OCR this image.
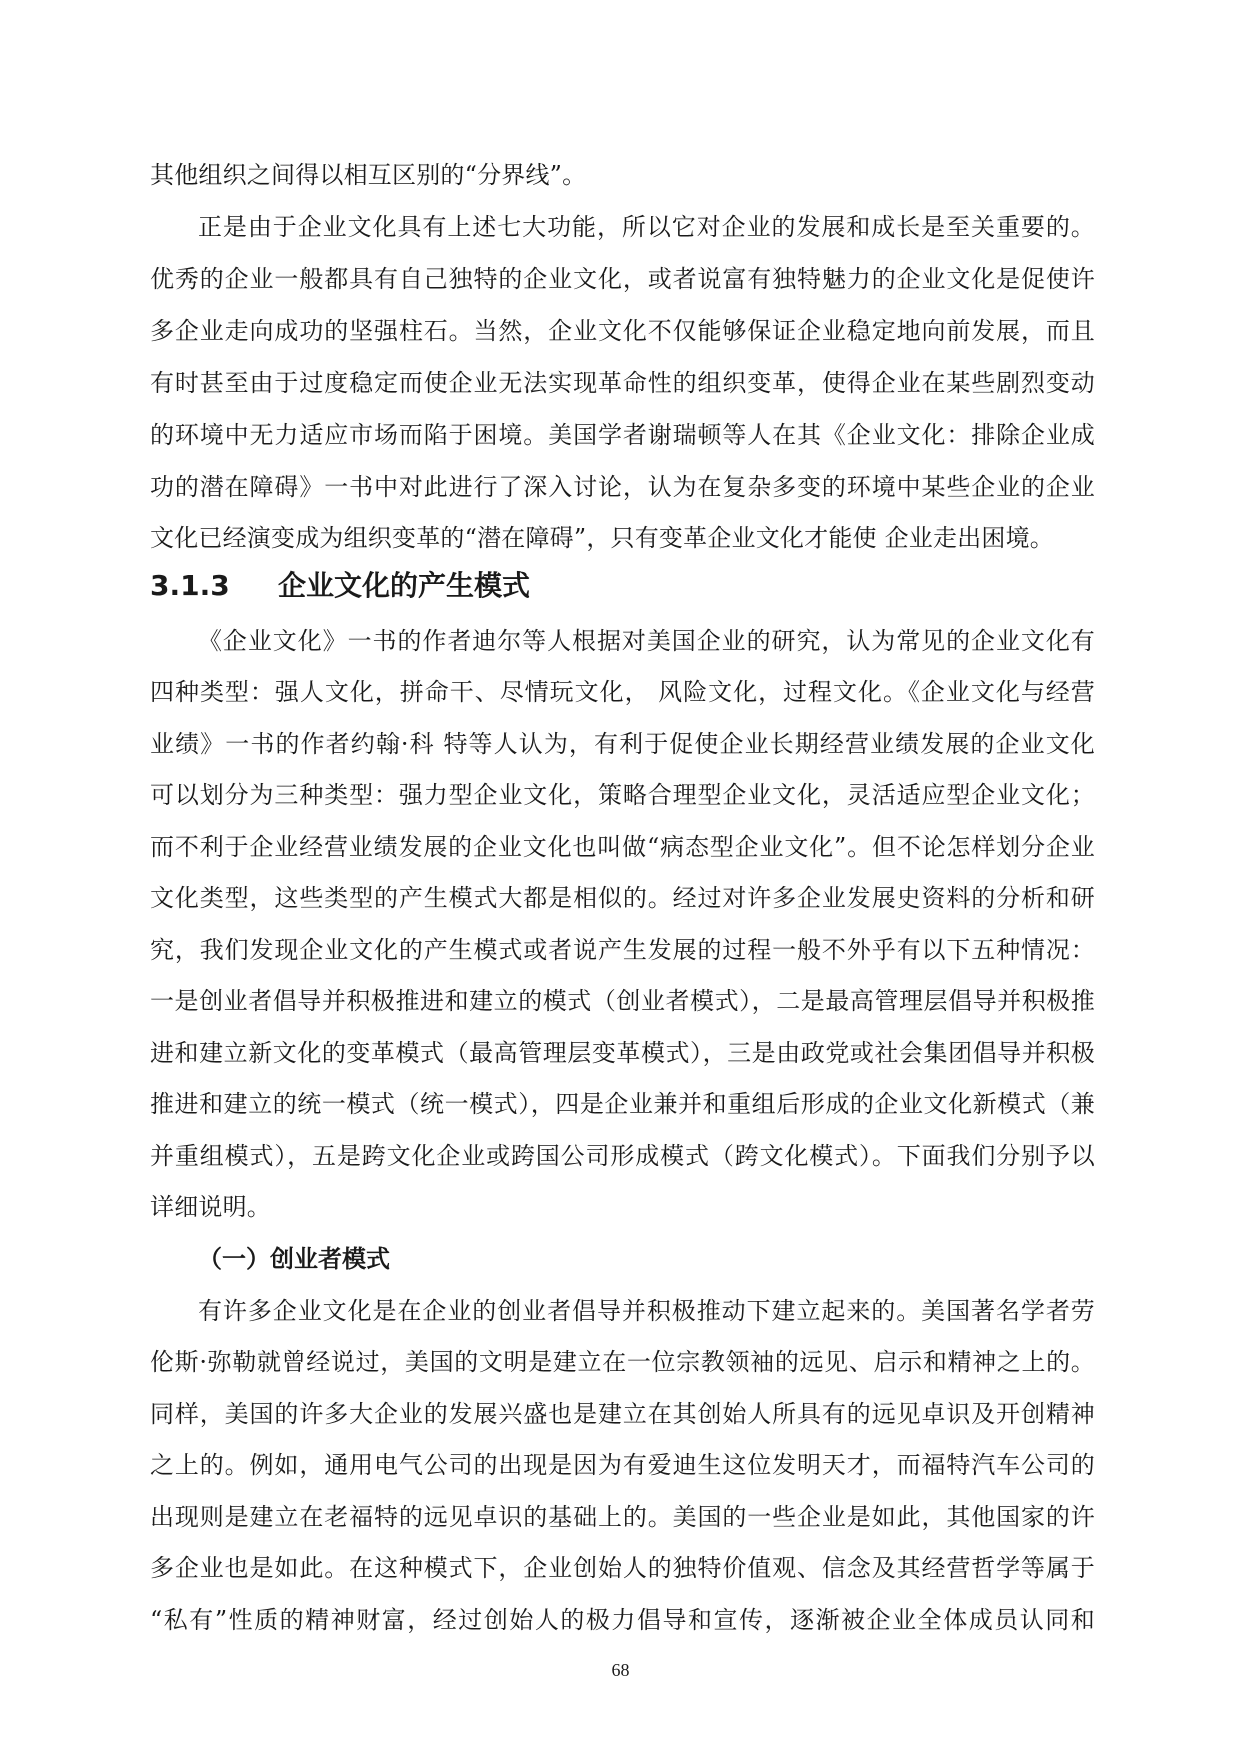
其他组织之间得以相互区别的“分界线”。
正是由于企业文化具有上述七大功能，所以它对企业的发展和成长是至关重要的。
优秀的企业一般都具有自己独特的企业文化，或者说富有独特魅力的企业文化是促使许
多企业走向成功的坚强柱石。当然，企业文化不仅能够保证企业稳定地向前发展，而且
有时甚至由于过度稳定而使企业无法实现革命性的组织变革，使得企业在某些剧烈变动
的环境中无力适应市场而陷于困境。美国学者谢瑞顿等人在其《企业文化：排除企业成
功的潜在障碍》一书中对此进行了深入讨论，认为在复杂多变的环境中某些企业的企业
文化已经演变成为组织变革的“潜在障碍”，只有变革企业文化才能使 企业走出困境。
3.1.3 企业文化的产生模式
《企业文化》一书的作者迪尔等人根据对美国企业的研究，认为常见的企业文化有
四种类型：强人文化，拼命干、尽情玩文化， 风险文化，过程文化。《企业文化与经营
业绩》一书的作者约翰·科 特等人认为，有利于促使企业长期经营业绩发展的企业文化
可以划分为三种类型：强力型企业文化，策略合理型企业文化，灵活适应型企业文化；
而不利于企业经营业绩发展的企业文化也叫做“病态型企业文化”。但不论怎样划分企业
文化类型，这些类型的产生模式大都是相似的。经过对许多企业发展史资料的分析和研
究，我们发现企业文化的产生模式或者说产生发展的过程一般不外乎有以下五种情况：
一是创业者倡导并积极推进和建立的模式（创业者模式），二是最高管理层倡导并积极推
进和建立新文化的变革模式（最高管理层变革模式），三是由政党或社会集团倡导并积极
推进和建立的统一模式（统一模式），四是企业兼并和重组后形成的企业文化新模式（兼
并重组模式），五是跨文化企业或跨国公司形成模式（跨文化模式）。下面我们分别予以
详细说明。
（一）创业者模式
有许多企业文化是在企业的创业者倡导并积极推动下建立起来的。美国著名学者劳
伦斯·弥勒就曾经说过，美国的文明是建立在一位宗教领袖的远见、启示和精神之上的。
同样，美国的许多大企业的发展兴盛也是建立在其创始人所具有的远见卓识及开创精神
之上的。例如，通用电气公司的出现是因为有爱迪生这位发明天才，而福特汽车公司的
出现则是建立在老福特的远见卓识的基础上的。美国的一些企业是如此，其他国家的许
多企业也是如此。在这种模式下，企业创始人的独特价值观、信念及其经营哲学等属于
“私有”性质的精神财富，经过创始人的极力倡导和宣传，逐渐被企业全体成员认同和
68
